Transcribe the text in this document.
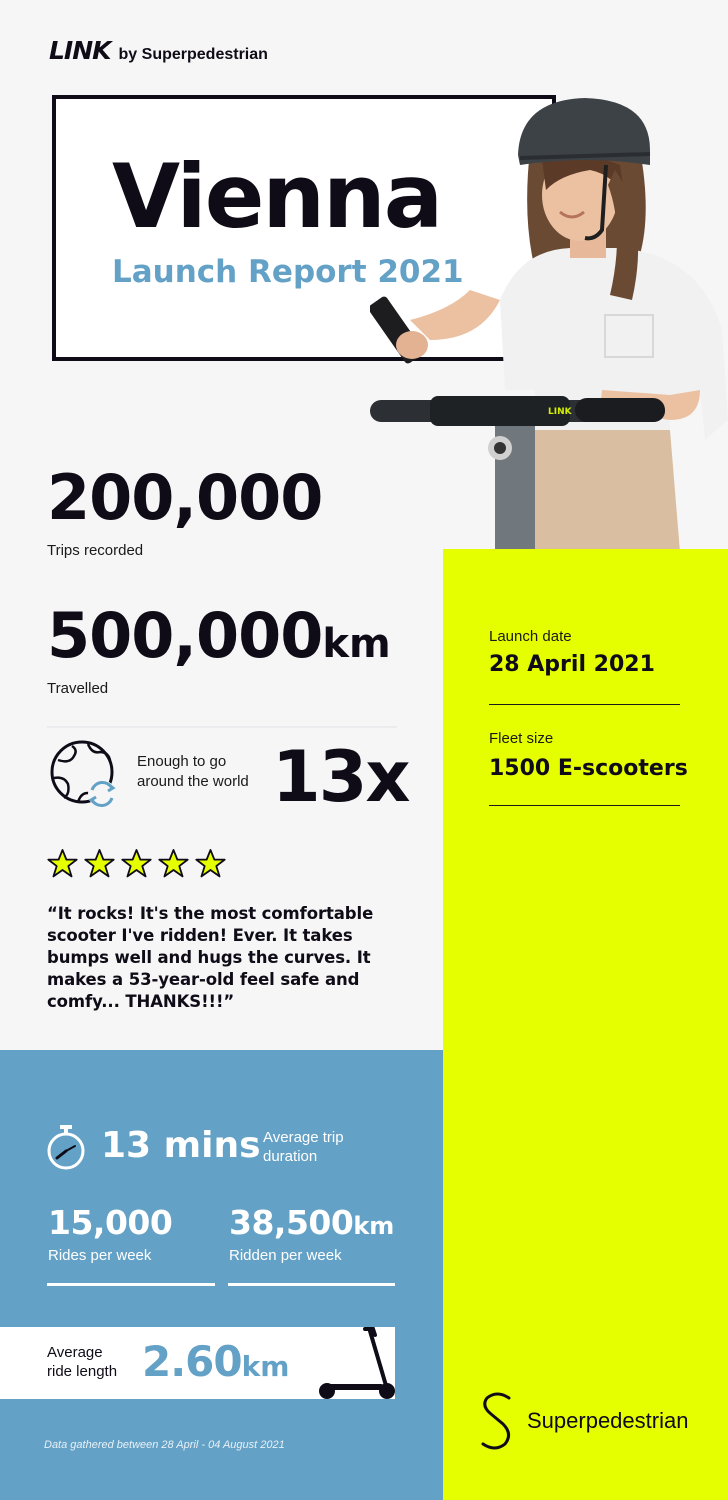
LINK by Superpedestrian
Vienna
Launch Report 2021
LINK
Launch date
28 April 2021
Fleet size
1500 E-scooters
200,000
Trips recorded
500,000km
Travelled
Enough to go around the world 13x
“It rocks! It's the most comfortable scooter I've ridden! Ever. It takes bumps well and hugs the curves. It makes a 53-year-old feel safe and comfy... THANKS!!!”
13 mins Average trip duration
15,000
Rides per week
38,500km
Ridden per week
Average ride length 2.60km
Data gathered between 28 April - 04 August 2021
Superpedestrian
